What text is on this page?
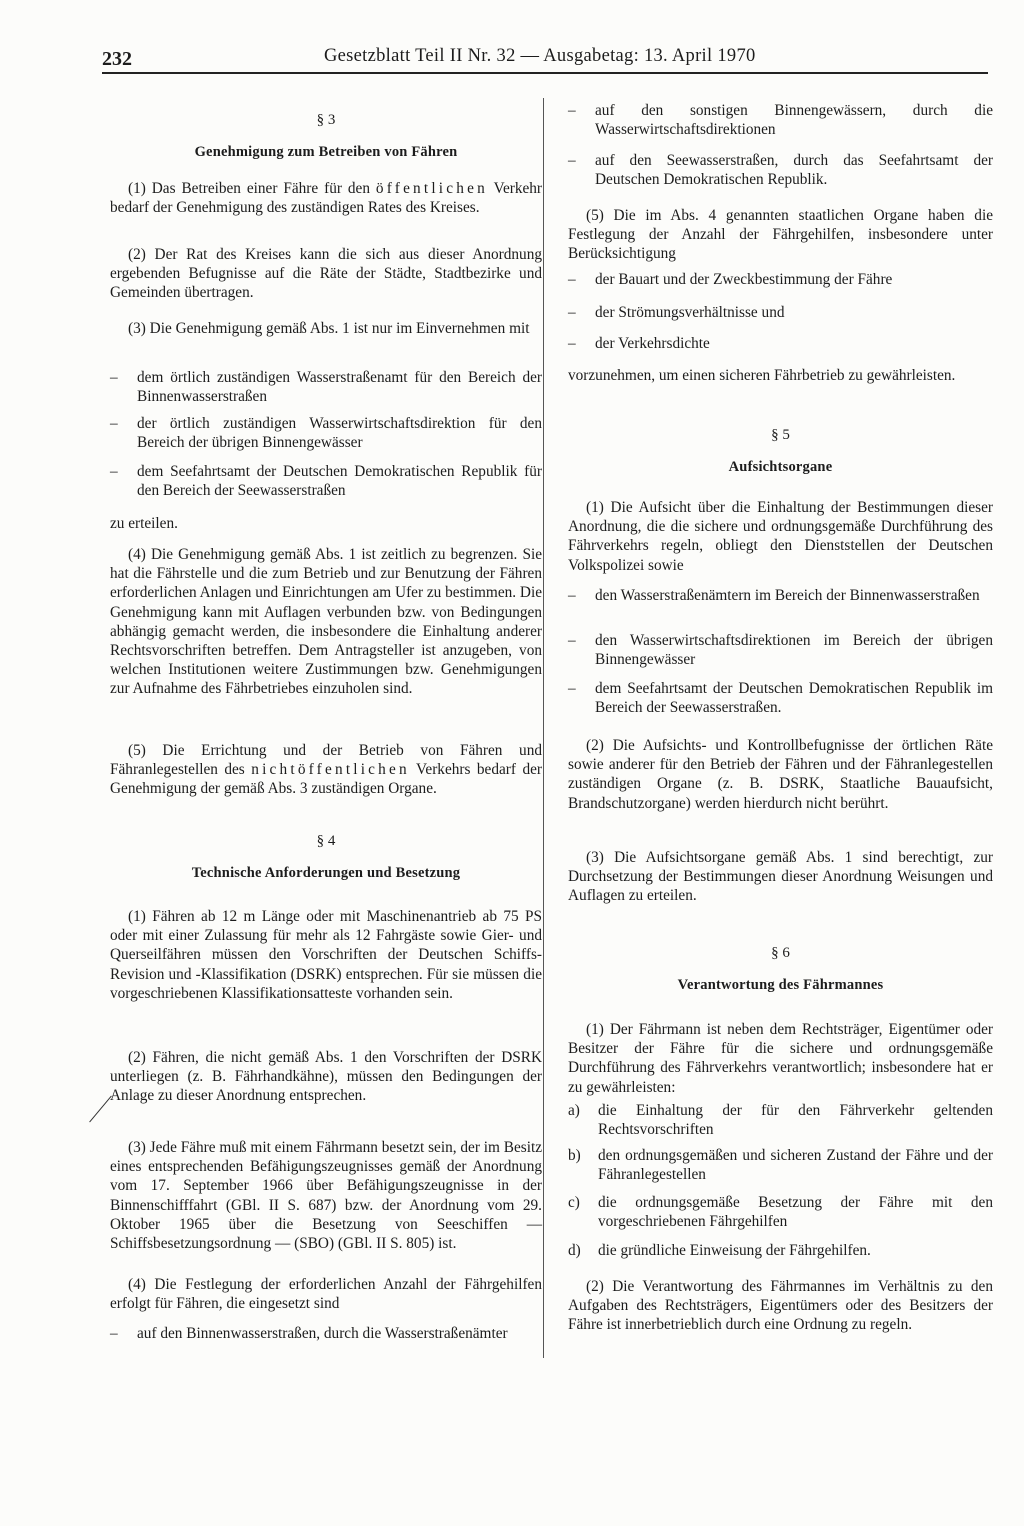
232	Gesetzblatt Teil II Nr. 32 — Ausgabetag: 13. April 1970
§ 3
Genehmigung zum Betreiben von Fähren
(1) Das Betreiben einer Fähre für den öffentlichen Verkehr bedarf der Genehmigung des zuständigen Rates des Kreises.
(2) Der Rat des Kreises kann die sich aus dieser Anordnung ergebenden Befugnisse auf die Räte der Städte, Stadtbezirke und Gemeinden übertragen.
(3) Die Genehmigung gemäß Abs. 1 ist nur im Einvernehmen mit
– dem örtlich zuständigen Wasserstraßenamt für den Bereich der Binnenwasserstraßen
– der örtlich zuständigen Wasserwirtschaftsdirektion für den Bereich der übrigen Binnengewässer
– dem Seefahrtsamt der Deutschen Demokratischen Republik für den Bereich der Seewasserstraßen
zu erteilen.
(4) Die Genehmigung gemäß Abs. 1 ist zeitlich zu begrenzen. Sie hat die Fährstelle und die zum Betrieb und zur Benutzung der Fähren erforderlichen Anlagen und Einrichtungen am Ufer zu bestimmen. Die Genehmigung kann mit Auflagen verbunden bzw. von Bedingungen abhängig gemacht werden, die insbesondere die Einhaltung anderer Rechtsvorschriften betreffen. Dem Antragsteller ist anzugeben, von welchen Institutionen weitere Zustimmungen bzw. Genehmigungen zur Aufnahme des Fährbetriebes einzuholen sind.
(5) Die Errichtung und der Betrieb von Fähren und Fähranlegestellen des nichtöffentlichen Verkehrs bedarf der Genehmigung der gemäß Abs. 3 zuständigen Organe.
§ 4
Technische Anforderungen und Besetzung
(1) Fähren ab 12 m Länge oder mit Maschinenantrieb ab 75 PS oder mit einer Zulassung für mehr als 12 Fahrgäste sowie Gier- und Querseilfähren müssen den Vorschriften der Deutschen Schiffs-Revision und -Klassifikation (DSRK) entsprechen. Für sie müssen die vorgeschriebenen Klassifikationsatteste vorhanden sein.
(2) Fähren, die nicht gemäß Abs. 1 den Vorschriften der DSRK unterliegen (z. B. Fährhandkähne), müssen den Bedingungen der Anlage zu dieser Anordnung entsprechen.
(3) Jede Fähre muß mit einem Fährmann besetzt sein, der im Besitz eines entsprechenden Befähigungszeugnisses gemäß der Anordnung vom 17. September 1966 über Befähigungszeugnisse in der Binnenschifffahrt (GBl. II S. 687) bzw. der Anordnung vom 29. Oktober 1965 über die Besetzung von Seeschiffen — Schiffsbesetzungsordnung — (SBO) (GBl. II S. 805) ist.
(4) Die Festlegung der erforderlichen Anzahl der Fährgehilfen erfolgt für Fähren, die eingesetzt sind
– auf den Binnenwasserstraßen, durch die Wasserstraßenämter
– auf den sonstigen Binnengewässern, durch die Wasserwirtschaftsdirektionen
– auf den Seewasserstraßen, durch das Seefahrtsamt der Deutschen Demokratischen Republik.
(5) Die im Abs. 4 genannten staatlichen Organe haben die Festlegung der Anzahl der Fährgehilfen, insbesondere unter Berücksichtigung
– der Bauart und der Zweckbestimmung der Fähre
– der Strömungsverhältnisse und
– der Verkehrsdichte
vorzunehmen, um einen sicheren Fährbetrieb zu gewährleisten.
§ 5
Aufsichtsorgane
(1) Die Aufsicht über die Einhaltung der Bestimmungen dieser Anordnung, die die sichere und ordnungsgemäße Durchführung des Fährverkehrs regeln, obliegt den Dienststellen der Deutschen Volkspolizei sowie
– den Wasserstraßenämtern im Bereich der Binnenwasserstraßen
– den Wasserwirtschaftsdirektionen im Bereich der übrigen Binnengewässer
– dem Seefahrtsamt der Deutschen Demokratischen Republik im Bereich der Seewasserstraßen.
(2) Die Aufsichts- und Kontrollbefugnisse der örtlichen Räte sowie anderer für den Betrieb der Fähren und der Fähranlegestellen zuständigen Organe (z. B. DSRK, Staatliche Bauaufsicht, Brandschutzorgane) werden hierdurch nicht berührt.
(3) Die Aufsichtsorgane gemäß Abs. 1 sind berechtigt, zur Durchsetzung der Bestimmungen dieser Anordnung Weisungen und Auflagen zu erteilen.
§ 6
Verantwortung des Fährmannes
(1) Der Fährmann ist neben dem Rechtsträger, Eigentümer oder Besitzer der Fähre für die sichere und ordnungsgemäße Durchführung des Fährverkehrs verantwortlich; insbesondere hat er zu gewährleisten:
a) die Einhaltung der für den Fährverkehr geltenden Rechtsvorschriften
b) den ordnungsgemäßen und sicheren Zustand der Fähre und der Fähranlegestellen
c) die ordnungsgemäße Besetzung der Fähre mit den vorgeschriebenen Fährgehilfen
d) die gründliche Einweisung der Fährgehilfen.
(2) Die Verantwortung des Fährmannes im Verhältnis zu den Aufgaben des Rechtsträgers, Eigentümers oder des Besitzers der Fähre ist innerbetrieblich durch eine Ordnung zu regeln.
